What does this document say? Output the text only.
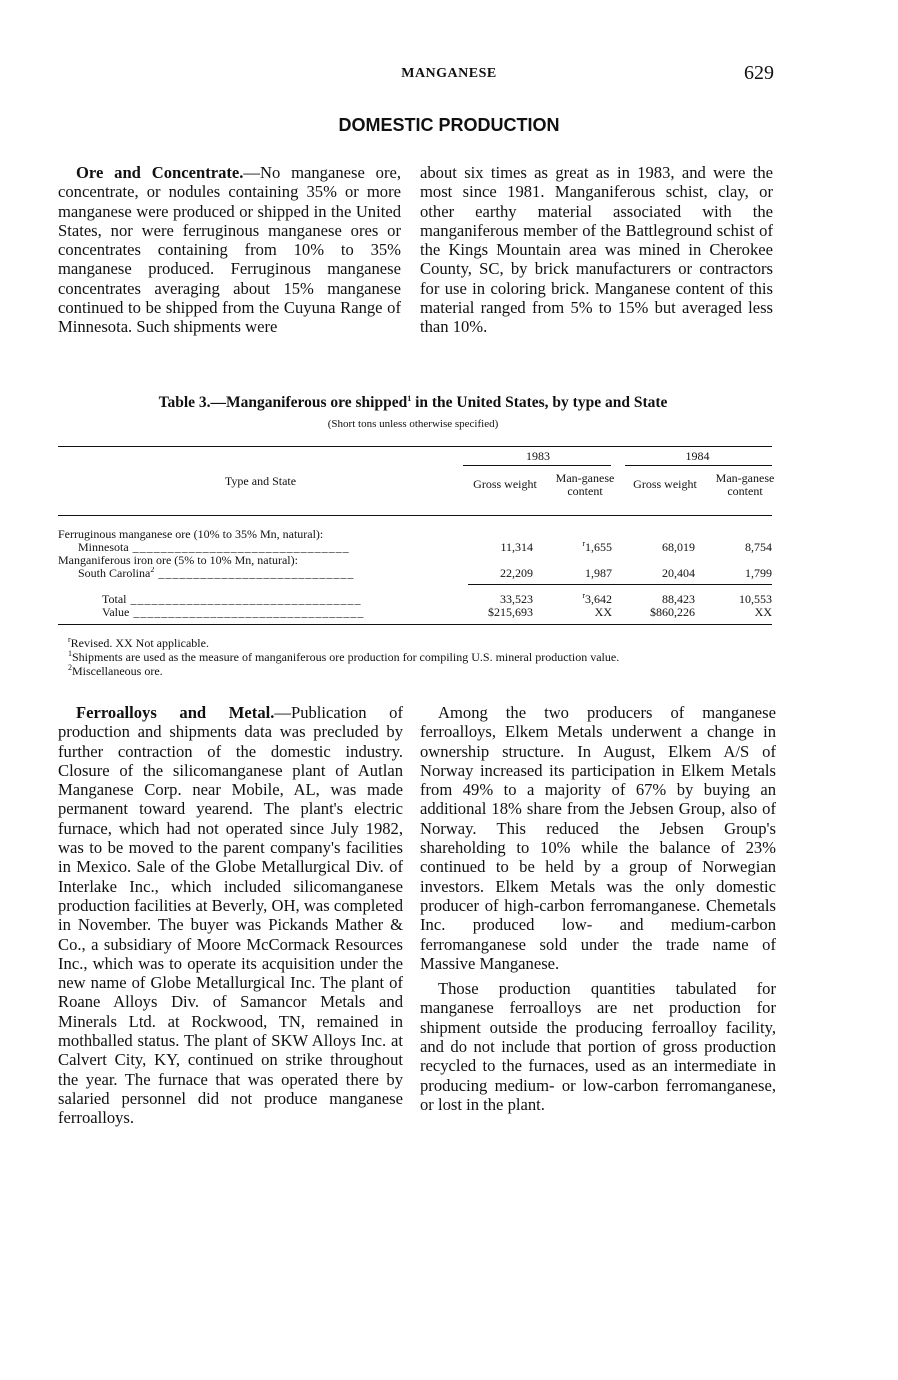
MANGANESE	629
DOMESTIC PRODUCTION

Ore and Concentrate.—No manganese ore, concentrate, or nodules containing 35% or more manganese were produced or shipped in the United States, nor were ferruginous manganese ores or concentrates containing from 10% to 35% manganese produced. Ferruginous manganese concentrates averaging about 15% manganese continued to be shipped from the Cuyuna Range of Minnesota. Such shipments were

about six times as great as in 1983, and were the most since 1981. Manganiferous schist, clay, or other earthy material associated with the manganiferous member of the Battleground schist of the Kings Mountain area was mined in Cherokee County, SC, by brick manufacturers or contractors for use in coloring brick. Manganese content of this material ranged from 5% to 15% but averaged less than 10%.

Table 3.—Manganiferous ore shipped$^1$ in the United States, by type and State
(Short tons unless otherwise specified)
1983	1984
Type and State	Gross weight	Man-ganese content	Gross weight	Man-ganese content
Ferruginous manganese ore (10% to 35% Mn, natural):
Minnesota _______________________________	11,314	$^r$1,655	68,019	8,754
Manganiferous iron ore (5% to 10% Mn, natural):
South Carolina$^2$ ____________________________	22,209	1,987	20,404	1,799
Total _________________________________	33,523	$^r$3,642	88,423	10,553
Value _________________________________	$215,693	XX	$860,226	XX
$^r$Revised. XX Not applicable.
$^1$Shipments are used as the measure of manganiferous ore production for compiling U.S. mineral production value.
$^2$Miscellaneous ore.

Ferroalloys and Metal.—Publication of production and shipments data was precluded by further contraction of the domestic industry. Closure of the silicomanganese plant of Autlan Manganese Corp. near Mobile, AL, was made permanent toward yearend. The plant's electric furnace, which had not operated since July 1982, was to be moved to the parent company's facilities in Mexico. Sale of the Globe Metallurgical Div. of Interlake Inc., which included silicomanganese production facilities at Beverly, OH, was completed in November. The buyer was Pickands Mather & Co., a subsidiary of Moore McCormack Resources Inc., which was to operate its acquisition under the new name of Globe Metallurgical Inc. The plant of Roane Alloys Div. of Samancor Metals and Minerals Ltd. at Rockwood, TN, remained in mothballed status. The plant of SKW Alloys Inc. at Calvert City, KY, continued on strike throughout the year. The furnace that was operated there by salaried personnel did not produce manganese ferroalloys.

Among the two producers of manganese ferroalloys, Elkem Metals underwent a change in ownership structure. In August, Elkem A/S of Norway increased its participation in Elkem Metals from 49% to a majority of 67% by buying an additional 18% share from the Jebsen Group, also of Norway. This reduced the Jebsen Group's shareholding to 10% while the balance of 23% continued to be held by a group of Norwegian investors. Elkem Metals was the only domestic producer of high-carbon ferromanganese. Chemetals Inc. produced low- and medium-carbon ferromanganese sold under the trade name of Massive Manganese.

Those production quantities tabulated for manganese ferroalloys are net production for shipment outside the producing ferroalloy facility, and do not include that portion of gross production recycled to the furnaces, used as an intermediate in producing medium- or low-carbon ferromanganese, or lost in the plant.
